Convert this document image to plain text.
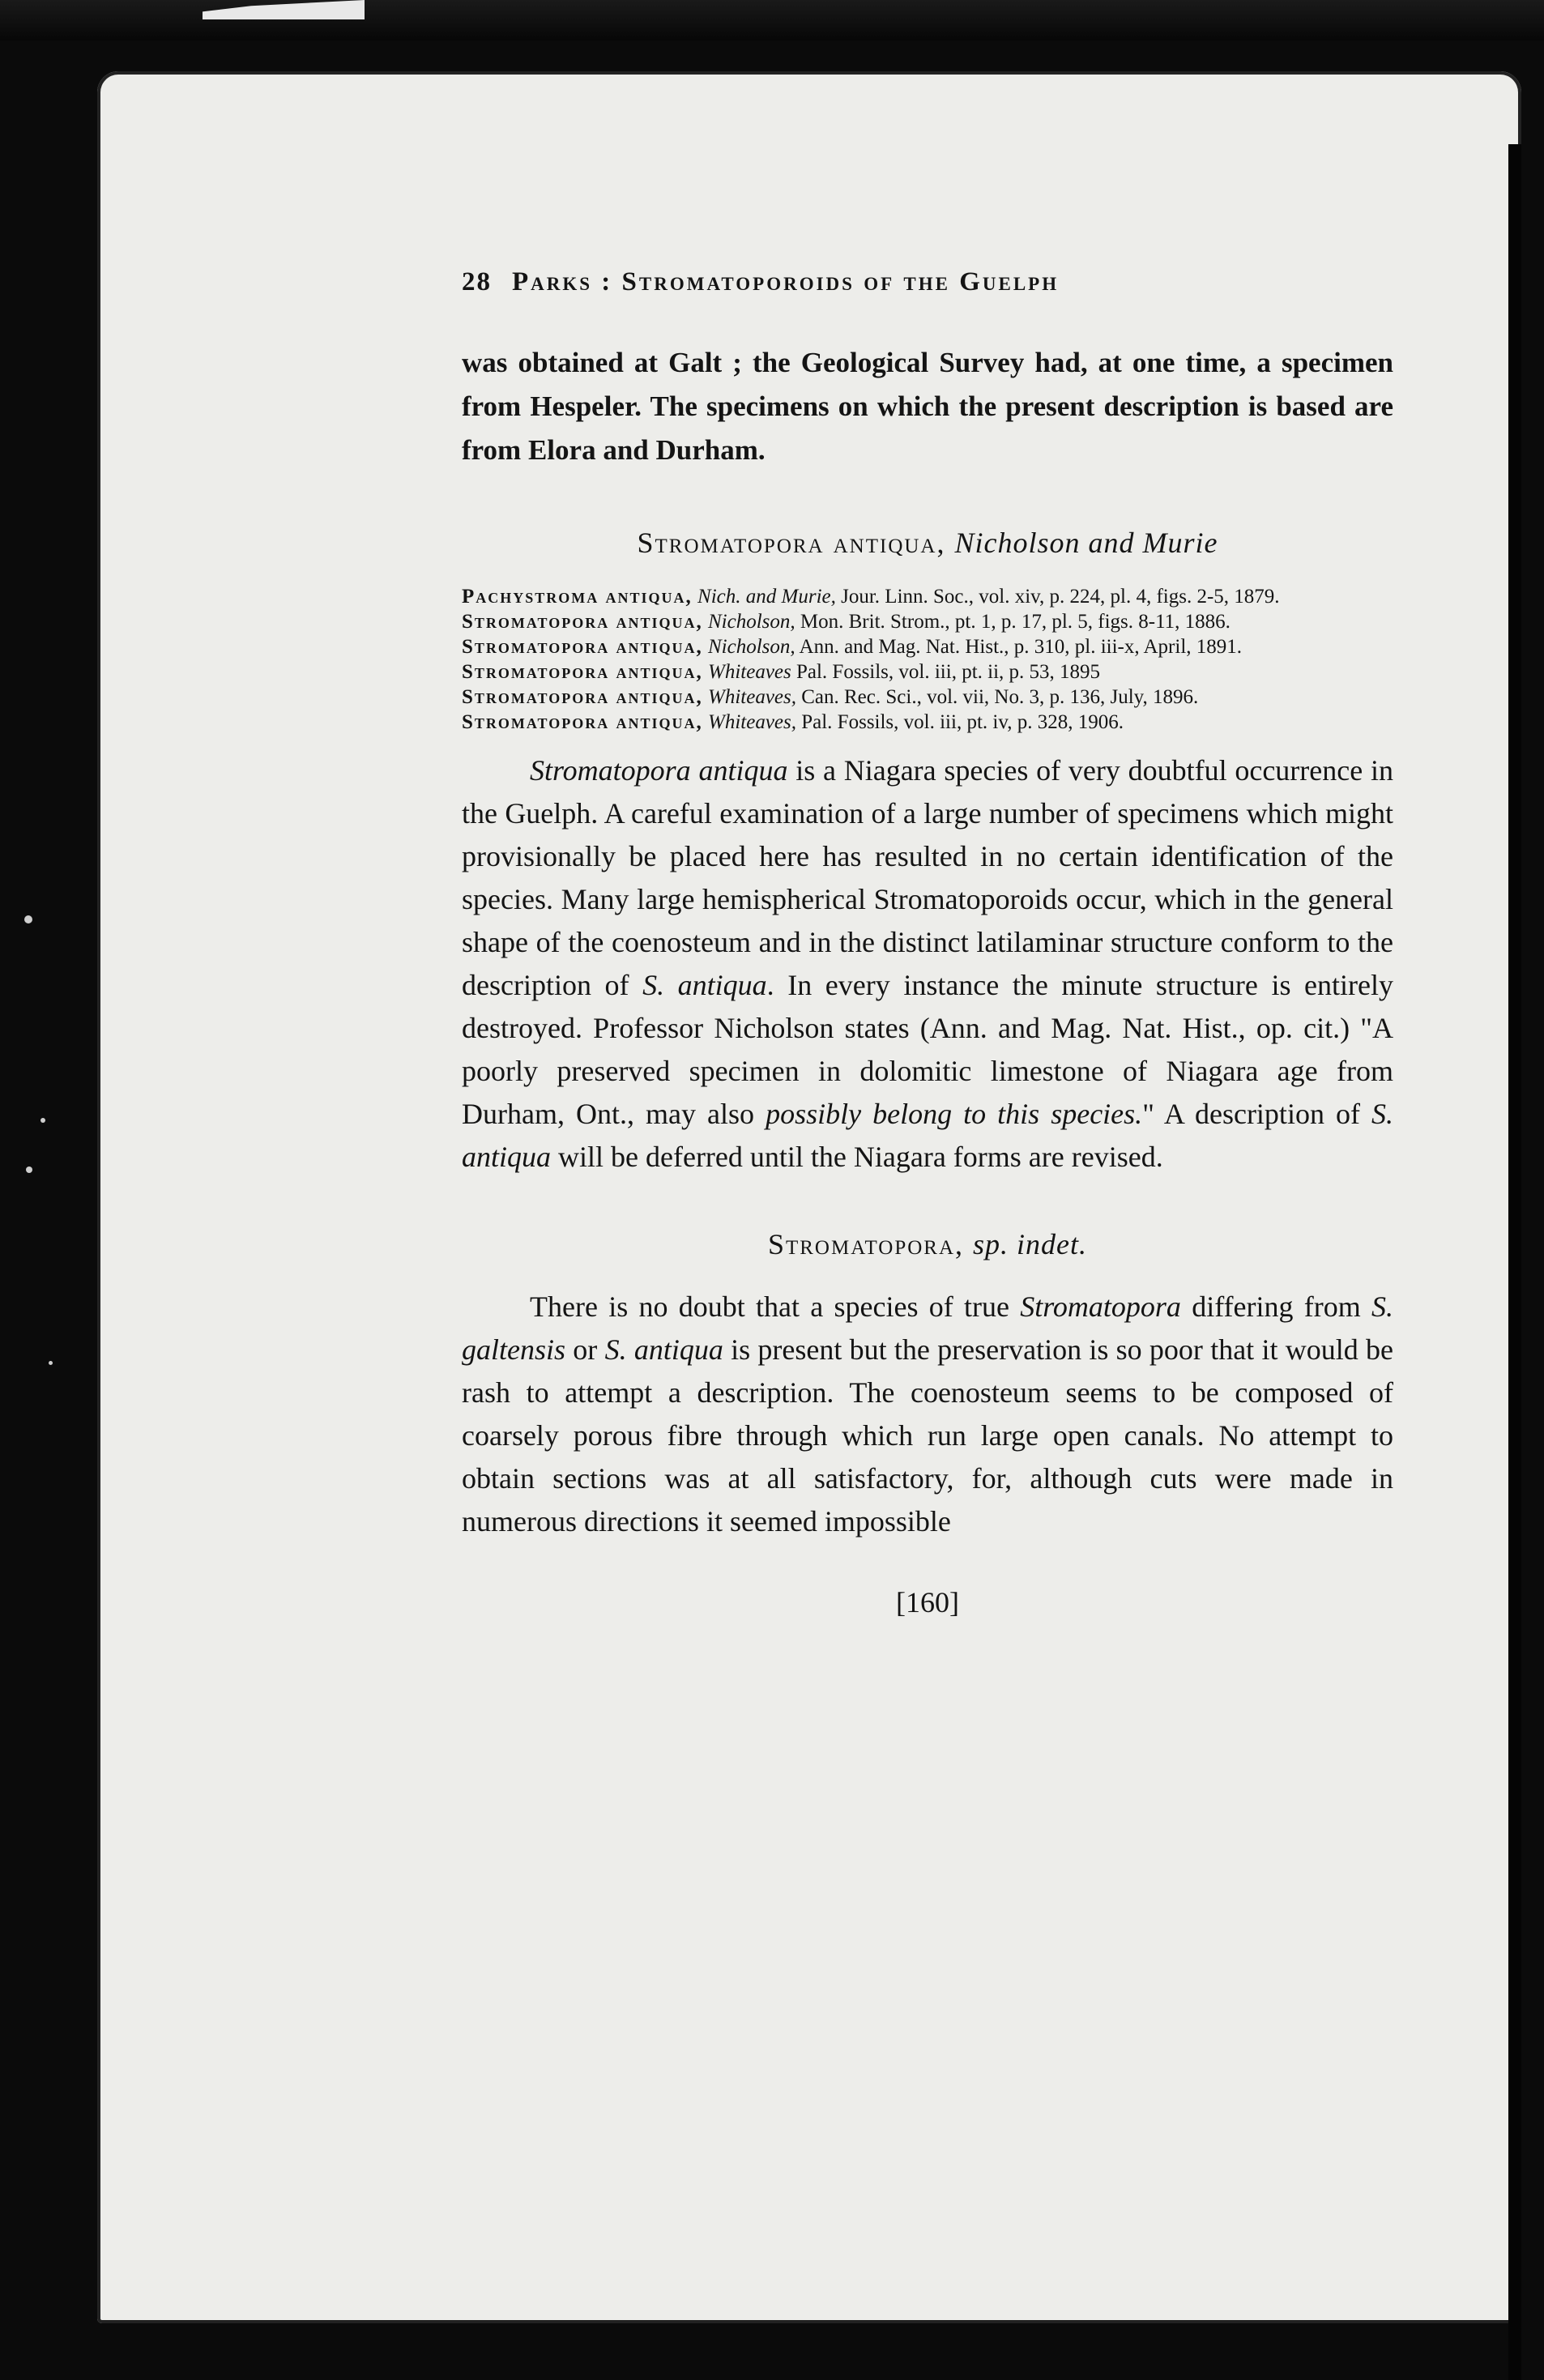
28 Parks : Stromatoporoids of the Guelph

was obtained at Galt ; the Geological Survey had, at one time, a specimen from Hespeler. The specimens on which the present description is based are from Elora and Durham.

Stromatopora antiqua, Nicholson and Murie
Pachystroma antiqua, Nich. and Murie, Jour. Linn. Soc., vol. xiv, p. 224, pl. 4, figs. 2-5, 1879.
Stromatopora antiqua, Nicholson, Mon. Brit. Strom., pt. 1, p. 17, pl. 5, figs. 8-11, 1886.
Stromatopora antiqua, Nicholson, Ann. and Mag. Nat. Hist., p. 310, pl. iii-x, April, 1891.
Stromatopora antiqua, Whiteaves Pal. Fossils, vol. iii, pt. ii, p. 53, 1895
Stromatopora antiqua, Whiteaves, Can. Rec. Sci., vol. vii, No. 3, p. 136, July, 1896.
Stromatopora antiqua, Whiteaves, Pal. Fossils, vol. iii, pt. iv, p. 328, 1906.

Stromatopora antiqua is a Niagara species of very doubtful occurrence in the Guelph. A careful examination of a large number of specimens which might provisionally be placed here has resulted in no certain identification of the species. Many large hemispherical Stromatoporoids occur, which in the general shape of the coenosteum and in the distinct latilaminar structure conform to the description of S. antiqua. In every instance the minute structure is entirely destroyed. Professor Nicholson states (Ann. and Mag. Nat. Hist., op. cit.) "A poorly preserved specimen in dolomitic limestone of Niagara age from Durham, Ont., may also possibly belong to this species." A description of S. antiqua will be deferred until the Niagara forms are revised.

Stromatopora, sp. indet.

There is no doubt that a species of true Stromatopora differing from S. galtensis or S. antiqua is present but the preservation is so poor that it would be rash to attempt a description. The coenosteum seems to be composed of coarsely porous fibre through which run large open canals. No attempt to obtain sections was at all satisfactory, for, although cuts were made in numerous directions it seemed impossible

[160]
